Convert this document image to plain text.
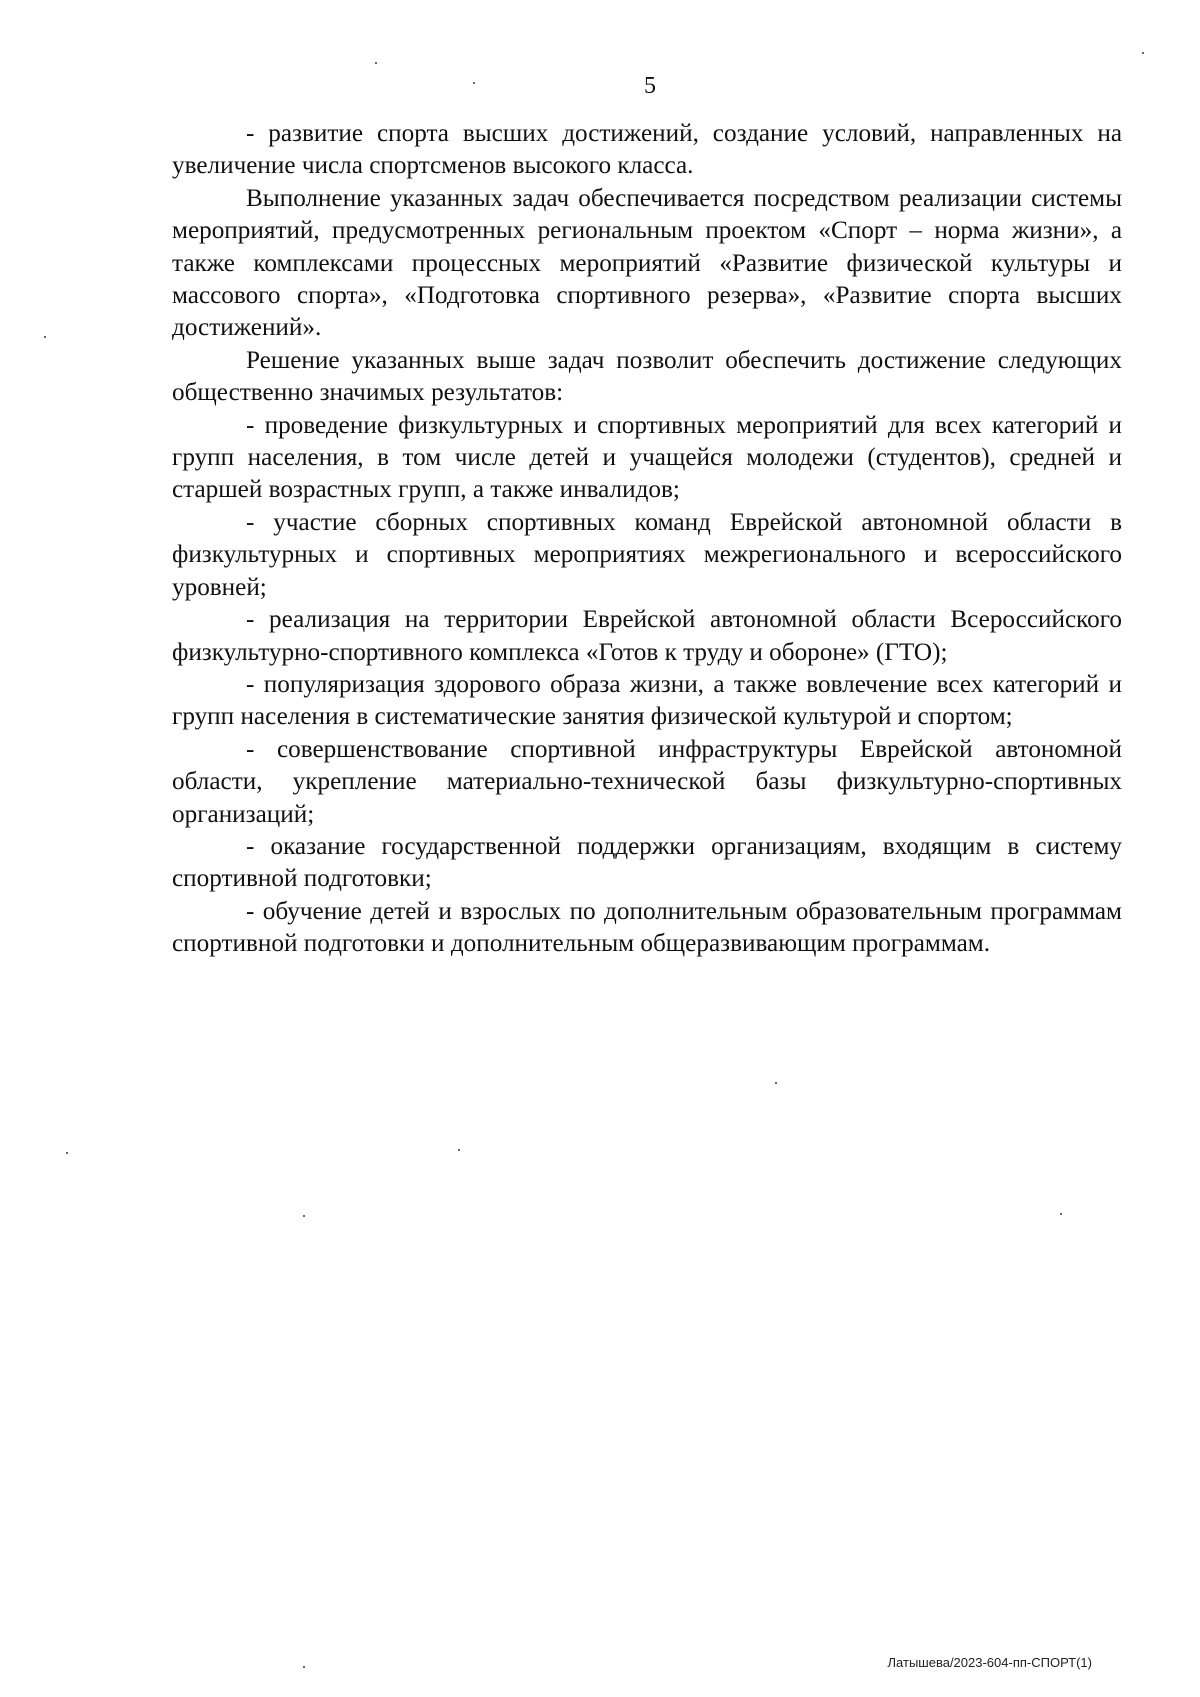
5

- развитие спорта высших достижений, создание условий, направленных на увеличение числа спортсменов высокого класса.

Выполнение указанных задач обеспечивается посредством реализации системы мероприятий, предусмотренных региональным проектом «Спорт – норма жизни», а также комплексами процессных мероприятий «Развитие физической культуры и массового спорта», «Подготовка спортивного резерва», «Развитие спорта высших достижений».

Решение указанных выше задач позволит обеспечить достижение следующих общественно значимых результатов:

- проведение физкультурных и спортивных мероприятий для всех категорий и групп населения, в том числе детей и учащейся молодежи (студентов), средней и старшей возрастных групп, а также инвалидов;

- участие сборных спортивных команд Еврейской автономной области в физкультурных и спортивных мероприятиях межрегионального и всероссийского уровней;

- реализация на территории Еврейской автономной области Всероссийского физкультурно-спортивного комплекса «Готов к труду и обороне» (ГТО);

- популяризация здорового образа жизни, а также вовлечение всех категорий и групп населения в систематические занятия физической культурой и спортом;

- совершенствование спортивной инфраструктуры Еврейской автономной области, укрепление материально-технической базы физкультурно-спортивных организаций;

- оказание государственной поддержки организациям, входящим в систему спортивной подготовки;

- обучение детей и взрослых по дополнительным образовательным программам спортивной подготовки и дополнительным общеразвивающим программам.

Латышева/2023-604-пп-СПОРТ(1)
